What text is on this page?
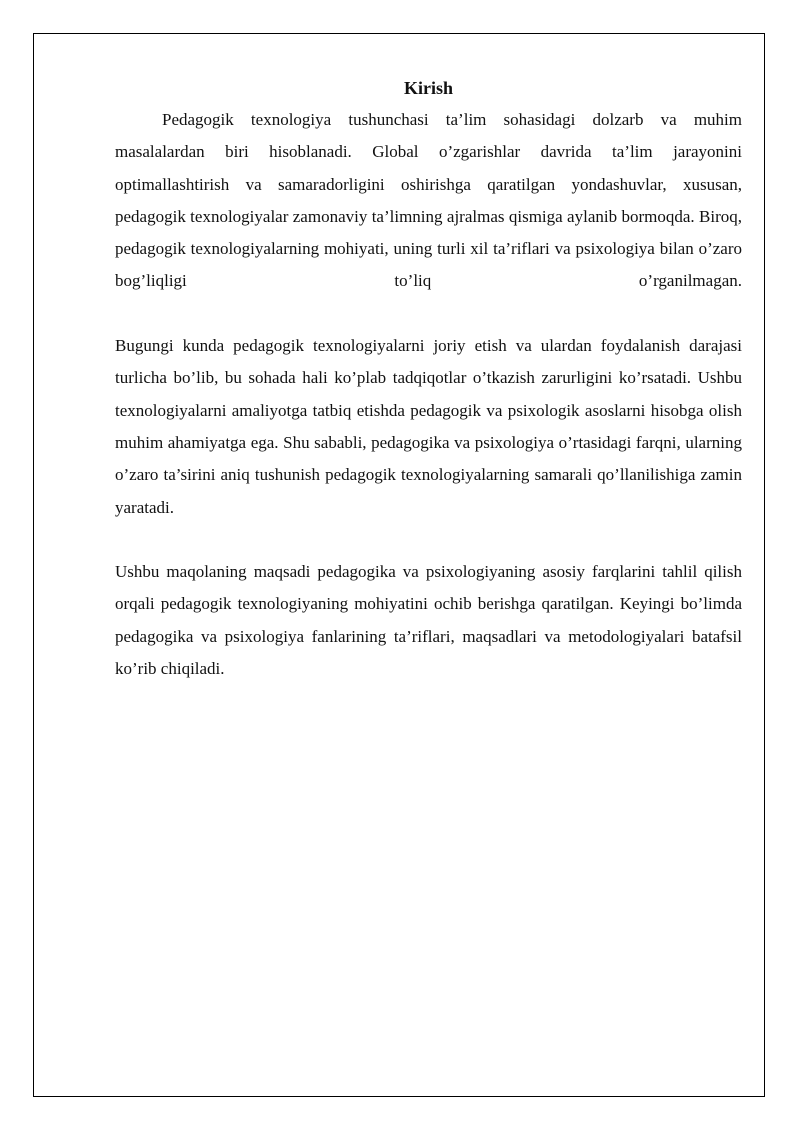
Kirish

Pedagogik texnologiya tushunchasi ta’lim sohasidagi dolzarb va muhim masalalardan biri hisoblanadi. Global o’zgarishlar davrida ta’lim jarayonini optimallashtirish va samaradorligini oshirishga qaratilgan yondashuvlar, xususan, pedagogik texnologiyalar zamonaviy ta’limning ajralmas qismiga aylanib bormoqda. Biroq, pedagogik texnologiyalarning mohiyati, uning turli xil ta’riflari va psixologiya bilan o’zaro bog’liqligi to’liq o’rganilmagan.

Bugungi kunda pedagogik texnologiyalarni joriy etish va ulardan foydalanish darajasi turlicha bo’lib, bu sohada hali ko’plab tadqiqotlar o’tkazish zarurligini ko’rsatadi. Ushbu texnologiyalarni amaliyotga tatbiq etishda pedagogik va psixologik asoslarni hisobga olish muhim ahamiyatga ega. Shu sababli, pedagogika va psixologiya o’rtasidagi farqni, ularning o’zaro ta’sirini aniq tushunish pedagogik texnologiyalarning samarali qo’llanilishiga zamin yaratadi.

Ushbu maqolaning maqsadi pedagogika va psixologiyaning asosiy farqlarini tahlil qilish orqali pedagogik texnologiyaning mohiyatini ochib berishga qaratilgan. Keyingi bo’limda pedagogika va psixologiya fanlarining ta’riflari, maqsadlari va metodologiyalari batafsil ko’rib chiqiladi.
